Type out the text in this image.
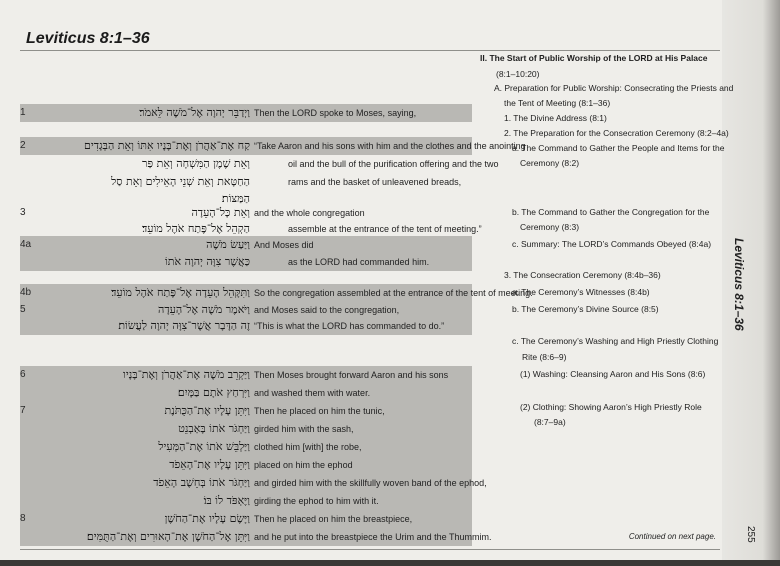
Leviticus 8:1–36
1	וַיְדַבֵּר יְהוָה אֶל־מֹשֶׁה לֵּאמֹר׃ Then the LORD spoke to Moses, saying,
2	קַח אֶת־אַהֲרֹן וְאֶת־בָּנָיו אִתּוֹ וְאֵת הַבְּגָדִים “Take Aaron and his sons with him and the clothes and the anointing
וְאֵת שֶׁמֶן הַמִּשְׁחָה וְאֵת פַּר	oil and the bull of the purification offering and the two
הַחַטָּאת וְאֵת שְׁנֵי הָאֵילִים וְאֵת סַל	rams and the basket of unleavened breads,
הַמַּצּוֹת׃
3	וְאֵת כָּל־הָעֵדָה and the whole congregation
הַקְהֵל אֶל־פֶּתַח אֹהֶל מוֹעֵד׃	assemble at the entrance of the tent of meeting.”
4a	וַיַּעַשׂ מֹשֶׁה And Moses did
כַּאֲשֶׁר צִוָּה יְהוָה אֹתוֹ	as the LORD had commanded him.
4b	וַתִּקָּהֵל הָעֵדָה אֶל־פֶּתַח אֹהֶל מוֹעֵד׃ So the congregation assembled at the entrance of the tent of meeting.
5	וַיֹּאמֶר מֹשֶׁה אֶל־הָעֵדָה and Moses said to the congregation,
זֶה הַדָּבָר אֲשֶׁר־צִוָּה יְהוָה לַעֲשׂוֹת׃ “This is what the LORD has commanded to do.”
6	וַיַּקְרֵב מֹשֶׁה אֶת־אַהֲרֹן וְאֶת־בָּנָיו Then Moses brought forward Aaron and his sons
וַיִּרְחַץ אֹתָם בַּמָּיִם׃ and washed them with water.
7	וַיִּתֵּן עָלָיו אֶת־הַכֻּתֹּנֶת Then he placed on him the tunic,
וַיַּחְגֹּר אֹתוֹ בָּאַבְנֵט girded him with the sash,
וַיַּלְבֵּשׁ אֹתוֹ אֶת־הַמְּעִיל clothed him [with] the robe,
וַיִּתֵּן עָלָיו אֶת־הָאֵפֹד placed on him the ephod
וַיַּחְגֹּר אֹתוֹ בְּחֵשֶׁב הָאֵפֹד and girded him with the skillfully woven band of the ephod,
וַיֶּאְפֹּד לוֹ בּוֹ׃ girding the ephod to him with it.
8	וַיָּשֶׂם עָלָיו אֶת־הַחֹשֶׁן Then he placed on him the breastpiece,
וַיִּתֵּן אֶל־הַחֹשֶׁן אֶת־הָאוּרִים וְאֶת־הַתֻּמִּים׃ and he put into the breastpiece the Urim and the Thummim.
II. The Start of Public Worship of the LORD at His Palace
(8:1–10:20)
A. Preparation for Public Worship: Consecrating the Priests and
the Tent of Meeting (8:1–36)
1. The Divine Address (8:1)
2. The Preparation for the Consecration Ceremony (8:2–4a)
a. The Command to Gather the People and Items for the
Ceremony (8:2)
b. The Command to Gather the Congregation for the
Ceremony (8:3)
c. Summary: The LORD’s Commands Obeyed (8:4a)
3. The Consecration Ceremony (8:4b–36)
a. The Ceremony’s Witnesses (8:4b)
b. The Ceremony’s Divine Source (8:5)
c. The Ceremony’s Washing and High Priestly Clothing
Rite (8:6–9)
(1) Washing: Cleansing Aaron and His Sons (8:6)
(2) Clothing: Showing Aaron’s High Priestly Role
(8:7–9a)
Continued on next page.
Leviticus 8:1–36
255
